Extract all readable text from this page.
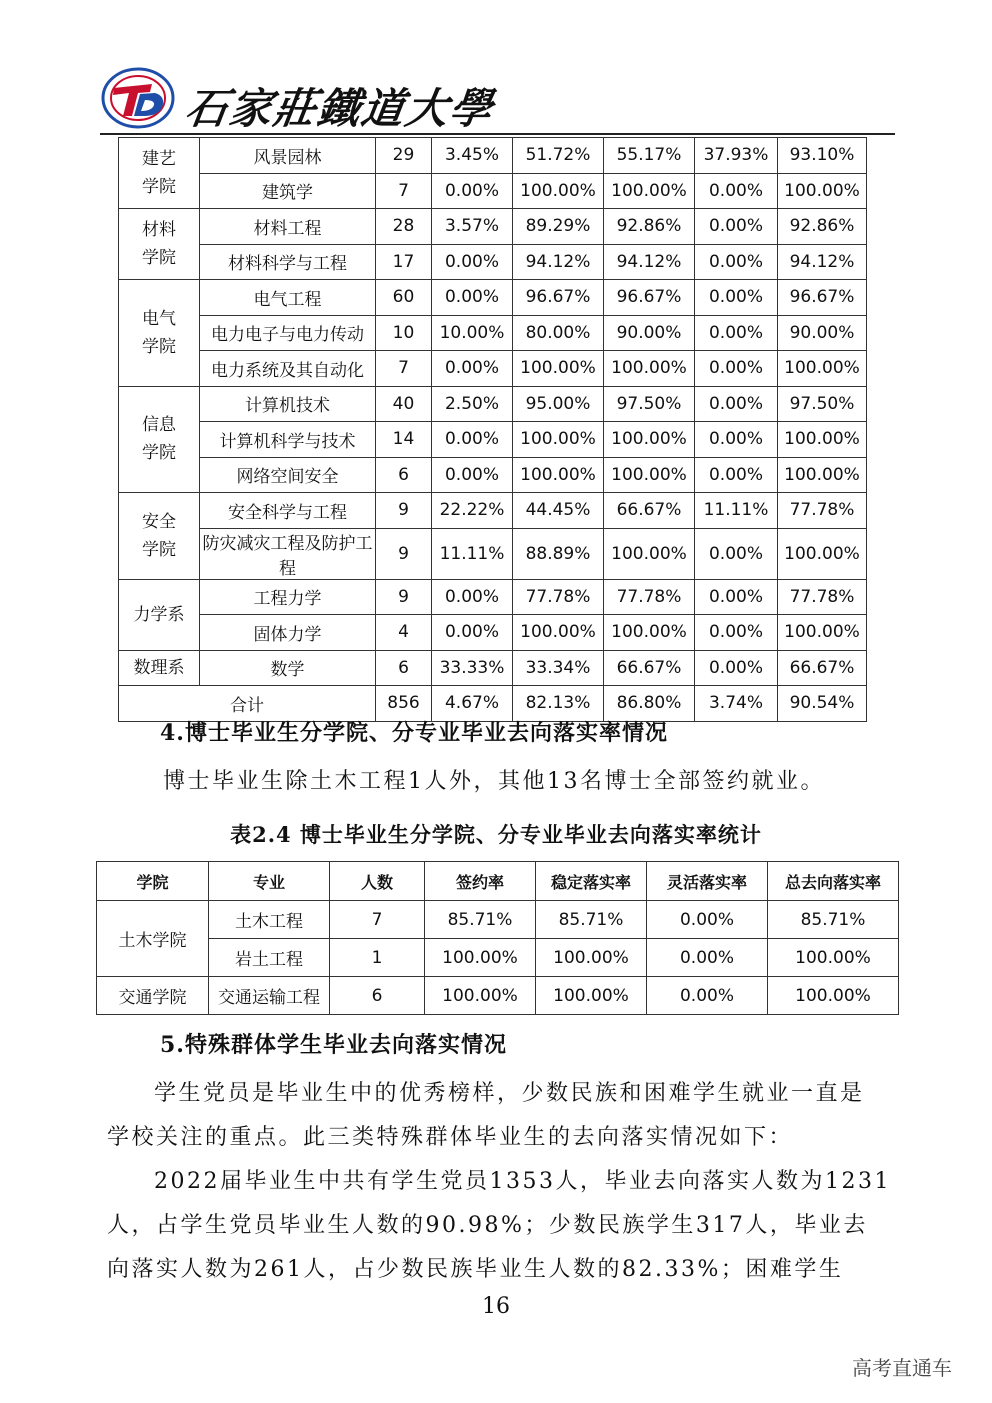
石家莊鐵道大學
建艺
学院	风景园林	29	3.45%	51.72%	55.17%	37.93%	93.10%
	建筑学	7	0.00%	100.00%	100.00%	0.00%	100.00%
材料
学院	材料工程	28	3.57%	89.29%	92.86%	0.00%	92.86%
	材料科学与工程	17	0.00%	94.12%	94.12%	0.00%	94.12%
电气
学院	电气工程	60	0.00%	96.67%	96.67%	0.00%	96.67%
	电力电子与电力传动	10	10.00%	80.00%	90.00%	0.00%	90.00%
	电力系统及其自动化	7	0.00%	100.00%	100.00%	0.00%	100.00%
信息
学院	计算机技术	40	2.50%	95.00%	97.50%	0.00%	97.50%
	计算机科学与技术	14	0.00%	100.00%	100.00%	0.00%	100.00%
	网络空间安全	6	0.00%	100.00%	100.00%	0.00%	100.00%
安全
学院	安全科学与工程	9	22.22%	44.45%	66.67%	11.11%	77.78%
	防灾减灾工程及防护工程	9	11.11%	88.89%	100.00%	0.00%	100.00%
力学系	工程力学	9	0.00%	77.78%	77.78%	0.00%	77.78%
	固体力学	4	0.00%	100.00%	100.00%	0.00%	100.00%
数理系	数学	6	33.33%	33.34%	66.67%	0.00%	66.67%
合计		856	4.67%	82.13%	86.80%	3.74%	90.54%
4.博士毕业生分学院、分专业毕业去向落实率情况
博士毕业生除土木工程1人外，其他13名博士全部签约就业。
表2.4 博士毕业生分学院、分专业毕业去向落实率统计
学院	专业	人数	签约率	稳定落实率	灵活落实率	总去向落实率
土木学院	土木工程	7	85.71%	85.71%	0.00%	85.71%
	岩土工程	1	100.00%	100.00%	0.00%	100.00%
交通学院	交通运输工程	6	100.00%	100.00%	0.00%	100.00%
5.特殊群体学生毕业去向落实情况
学生党员是毕业生中的优秀榜样，少数民族和困难学生就业一直是
学校关注的重点。此三类特殊群体毕业生的去向落实情况如下：
2022届毕业生中共有学生党员1353人，毕业去向落实人数为1231
人，占学生党员毕业生人数的90.98%；少数民族学生317人，毕业去
向落实人数为261人，占少数民族毕业生人数的82.33%；困难学生
16
高考直通车
